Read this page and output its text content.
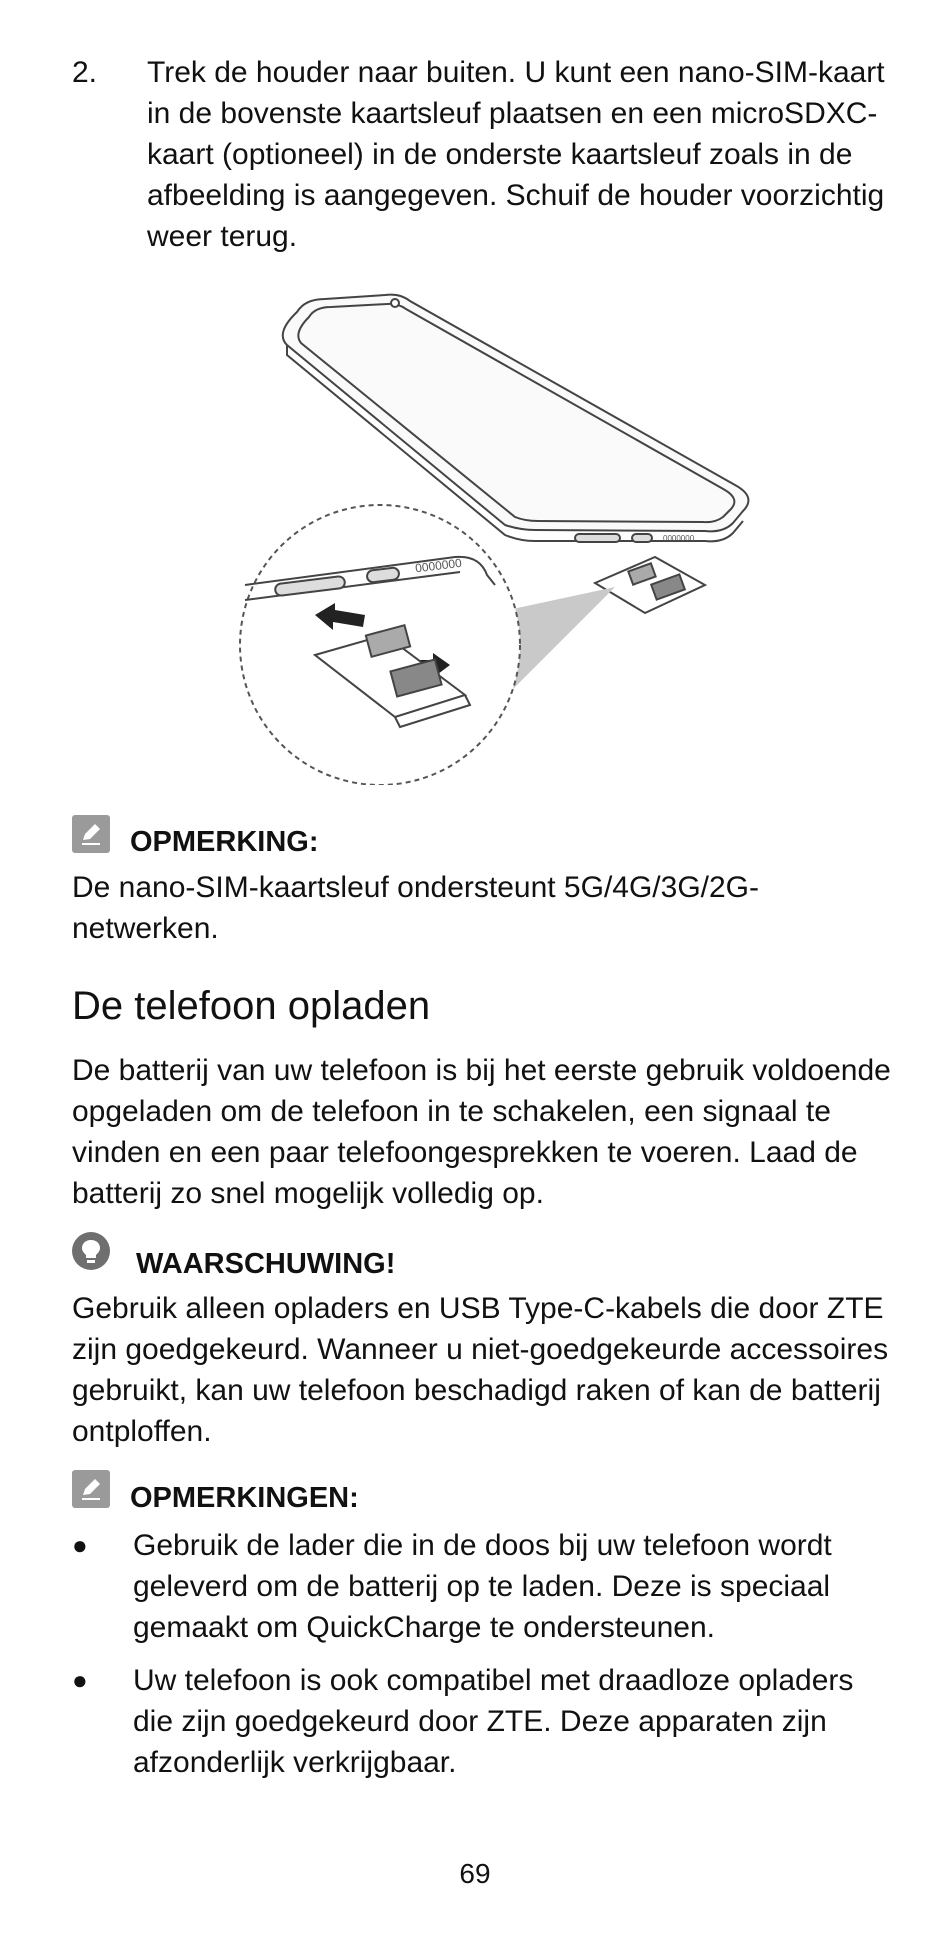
2. Trek de houder naar buiten. U kunt een nano-SIM-kaart in de bovenste kaartsleuf plaatsen en een microSDXC-kaart (optioneel) in de onderste kaartsleuf zoals in de afbeelding is aangegeven. Schuif de houder voorzichtig weer terug.
0000000
0000000
OPMERKING:
De nano-SIM-kaartsleuf ondersteunt 5G/4G/3G/2G-netwerken.
De telefoon opladen
De batterij van uw telefoon is bij het eerste gebruik voldoende opgeladen om de telefoon in te schakelen, een signaal te vinden en een paar telefoongesprekken te voeren. Laad de batterij zo snel mogelijk volledig op.
WAARSCHUWING!
Gebruik alleen opladers en USB Type-C-kabels die door ZTE zijn goedgekeurd. Wanneer u niet-goedgekeurde accessoires gebruikt, kan uw telefoon beschadigd raken of kan de batterij ontploffen.
OPMERKINGEN:
● Gebruik de lader die in de doos bij uw telefoon wordt geleverd om de batterij op te laden. Deze is speciaal gemaakt om QuickCharge te ondersteunen.
● Uw telefoon is ook compatibel met draadloze opladers die zijn goedgekeurd door ZTE. Deze apparaten zijn afzonderlijk verkrijgbaar.
69
